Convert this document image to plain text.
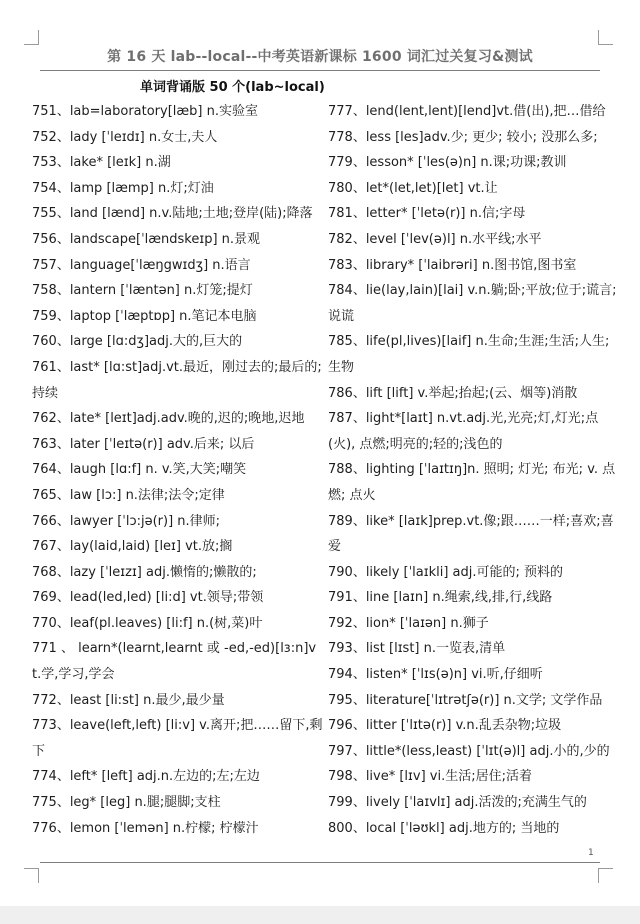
第 16 天 lab--local--中考英语新课标 1600 词汇过关复习&测试
单词背诵版 50 个(lab~local)

751、lab=laboratory[læb] n.实验室

752、lady [ˈleɪdɪ] n.女士,夫人

753、lake* [leɪk] n.湖

754、lamp [læmp] n.灯;灯油

755、land [lænd] n.v.陆地;土地;登岸(陆);降落

756、landscape[ˈlændskeɪp] n.景观

757、language[ˈlæŋgwɪdʒ] n.语言

758、lantern [ˈlæntən] n.灯笼;提灯

759、laptop [ˈlæptɒp] n.笔记本电脑

760、large [lɑ:dʒ]adj.大的,巨大的

761、last* [lɑ:st]adj.vt.最近，刚过去的;最后的;持续

762、late* [leɪt]adj.adv.晚的,迟的;晚地,迟地

763、later [ˈleɪtə(r)] adv.后来; 以后

764、laugh [lɑ:f] n. v.笑,大笑;嘲笑

765、law [lɔ:] n.法律;法令;定律

766、lawyer [ˈlɔ:jə(r)] n.律师;

767、lay(laid,laid) [leɪ] vt.放;搁

768、lazy [ˈleɪzɪ] adj.懒惰的;懒散的;

769、lead(led,led) [li:d] vt.领导;带领

770、leaf(pl.leaves) [li:f] n.(树,菜)叶

771 、 learn*(learnt,learnt 或 -ed,-ed)[lɜ:n]vt.学,学习,学会

772、least [li:st] n.最少,最少量

773、leave(left,left) [li:v] v.离开;把……留下,剩下

774、left* [left] adj.n.左边的;左;左边

775、leg* [leg] n.腿;腿脚;支柱

776、lemon [ˈlemən] n.柠檬; 柠檬汁

777、lend(lent,lent)[lend]vt.借(出),把…借给

778、less [les]adv.少; 更少; 较小; 没那么多;

779、lesson* [ˈles(ə)n] n.课;功课;教训

780、let*(let,let)[let] vt.让

781、letter* [ˈletə(r)] n.信;字母

782、level [ˈlev(ə)l] n.水平线;水平

783、library* [ˈlaibrəri] n.图书馆,图书室

784、lie(lay,lain)[lai] v.n.躺;卧;平放;位于;谎言;说谎

785、life(pl,lives)[laif] n.生命;生涯;生活;人生;生物

786、lift [lift] v.举起;抬起;(云、烟等)消散

787、light*[laɪt] n.vt.adj.光,光亮;灯,灯光;点(火), 点燃;明亮的;轻的;浅色的

788、lighting [ˈlaɪtɪŋ]n. 照明; 灯光; 布光; v. 点燃; 点火

789、like* [laɪk]prep.vt.像;跟……一样;喜欢;喜爱

790、likely [ˈlaɪkli] adj.可能的; 预料的

791、line [laɪn] n.绳索,线,排,行,线路

792、lion* [ˈlaɪən] n.狮子

793、list [lɪst] n.一览表,清单

794、listen* [ˈlɪs(ə)n] vi.听,仔细听

795、literature[ˈlɪtrətʃə(r)] n.文学; 文学作品

796、litter [ˈlɪtə(r)] v.n.乱丢杂物;垃圾

797、little*(less,least) [ˈlɪt(ə)l] adj.小的,少的

798、live* [lɪv] vi.生活;居住;活着

799、lively [ˈlaɪvlɪ] adj.活泼的;充满生气的

800、local [ˈləʊkl] adj.地方的; 当地的

1
